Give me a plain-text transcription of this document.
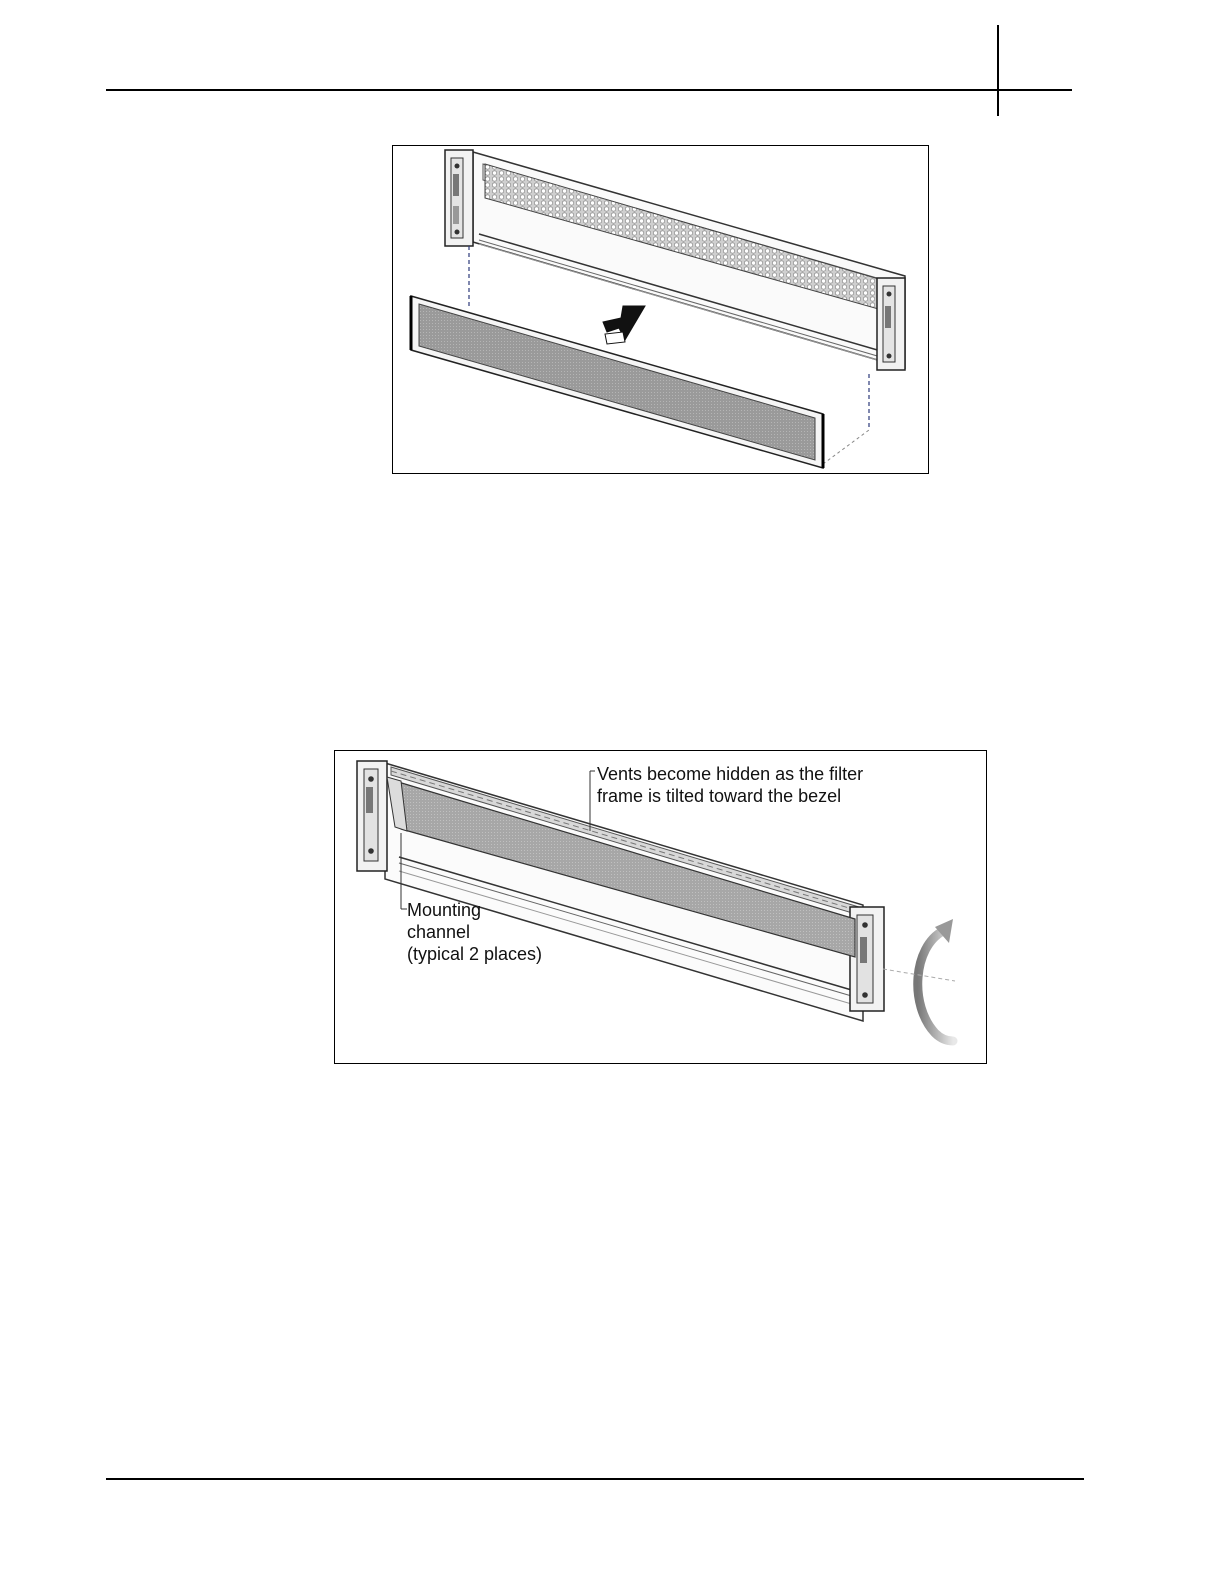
Vents become hidden as the filter
frame is tilted toward the bezel
Mounting
channel
(typical 2 places)
